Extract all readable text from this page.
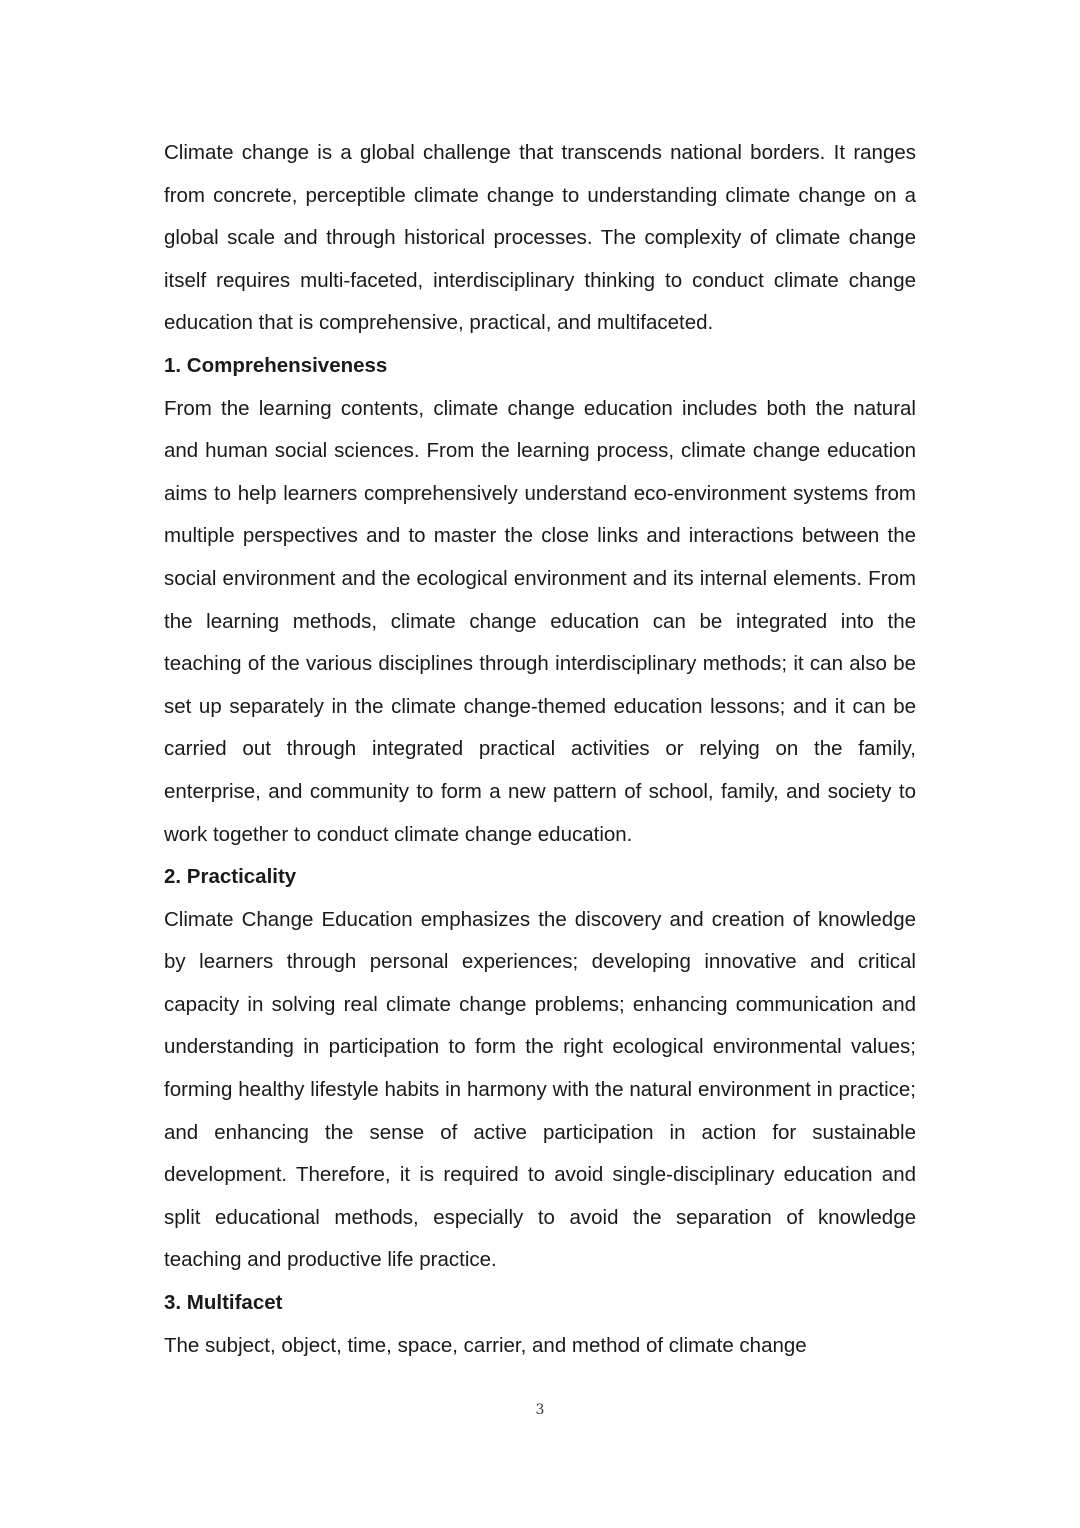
Climate change is a global challenge that transcends national borders. It ranges from concrete, perceptible climate change to understanding climate change on a global scale and through historical processes. The complexity of climate change itself requires multi-faceted, interdisciplinary thinking to conduct climate change education that is comprehensive, practical, and multifaceted.

1. Comprehensiveness

From the learning contents, climate change education includes both the natural and human social sciences. From the learning process, climate change education aims to help learners comprehensively understand eco-environment systems from multiple perspectives and to master the close links and interactions between the social environment and the ecological environment and its internal elements. From the learning methods, climate change education can be integrated into the teaching of the various disciplines through interdisciplinary methods; it can also be set up separately in the climate change-themed education lessons; and it can be carried out through integrated practical activities or relying on the family, enterprise, and community to form a new pattern of school, family, and society to work together to conduct climate change education.

2. Practicality

Climate Change Education emphasizes the discovery and creation of knowledge by learners through personal experiences; developing innovative and critical capacity in solving real climate change problems; enhancing communication and understanding in participation to form the right ecological environmental values; forming healthy lifestyle habits in harmony with the natural environment in practice; and enhancing the sense of active participation in action for sustainable development. Therefore, it is required to avoid single-disciplinary education and split educational methods, especially to avoid the separation of knowledge teaching and productive life practice.

3. Multifacet

The subject, object, time, space, carrier, and method of climate change

3
